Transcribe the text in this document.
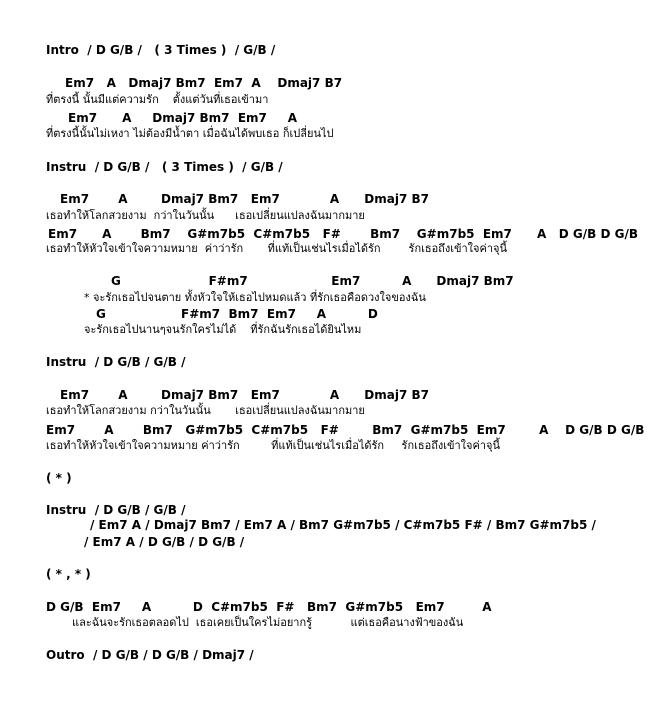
Intro  / D G/B /   ( 3 Times )  / G/B /
Em7   A   Dmaj7 Bm7  Em7  A    Dmaj7 B7
ที่ตรงนี้ นั้นมีแต่ความรัก    ตั้งแต่วันที่เธอเข้ามา
Em7      A     Dmaj7 Bm7  Em7     A
ที่ตรงนี้นั้นไม่เหงา ไม่ต้องมีน้ำตา เมื่อฉันได้พบเธอ ก็เปลี่ยนไป
Instru  / D G/B /   ( 3 Times )  / G/B /
Em7       A        Dmaj7 Bm7   Em7            A      Dmaj7 B7
เธอทำให้โลกสวยงาม  กว่าในวันนั้น      เธอเปลี่ยนแปลงฉันมากมาย
Em7      A       Bm7    G#m7b5  C#m7b5   F#       Bm7    G#m7b5  Em7      A   D G/B D G/B
เธอทำให้หัวใจเข้าใจความหมาย  ค่าว่ารัก       ที่แท้เป็นเช่นไรเมื่อได้รัก        รักเธอถึงเข้าใจค่าจุนี้
G                     F#m7                    Em7          A      Dmaj7 Bm7
* จะรักเธอไปจนตาย ทั้งหัวใจให้เธอไปหมดแล้ว ที่รักเธอคือดวงใจของฉัน
G                  F#m7  Bm7  Em7     A          D
จะรักเธอไปนานๆจนรักใครไม่ได้    ที่รักฉันรักเธอได้ยินไหม
Instru  / D G/B / G/B /
Em7       A        Dmaj7 Bm7   Em7            A      Dmaj7 B7
เธอทำให้โลกสวยงาม กว่าในวันนั้น       เธอเปลี่ยนแปลงฉันมากมาย
Em7       A       Bm7   G#m7b5  C#m7b5   F#        Bm7  G#m7b5  Em7        A    D G/B D G/B
เธอทำให้หัวใจเข้าใจความหมาย ค่าว่ารัก         ที่แท้เป็นเช่นไรเมื่อได้รัก     รักเธอถึงเข้าใจค่าจุนี้
( * )
Instru  / D G/B / G/B /
/ Em7 A / Dmaj7 Bm7 / Em7 A / Bm7 G#m7b5 / C#m7b5 F# / Bm7 G#m7b5 /
/ Em7 A / D G/B / D G/B /
( * , * )
D G/B  Em7     A          D  C#m7b5  F#   Bm7  G#m7b5   Em7         A
และฉันจะรักเธอตลอดไป  เธอเคยเป็นใครไม่อยากรู้           แต่เธอคือนางฟ้าของฉัน
Outro  / D G/B / D G/B / Dmaj7 /
